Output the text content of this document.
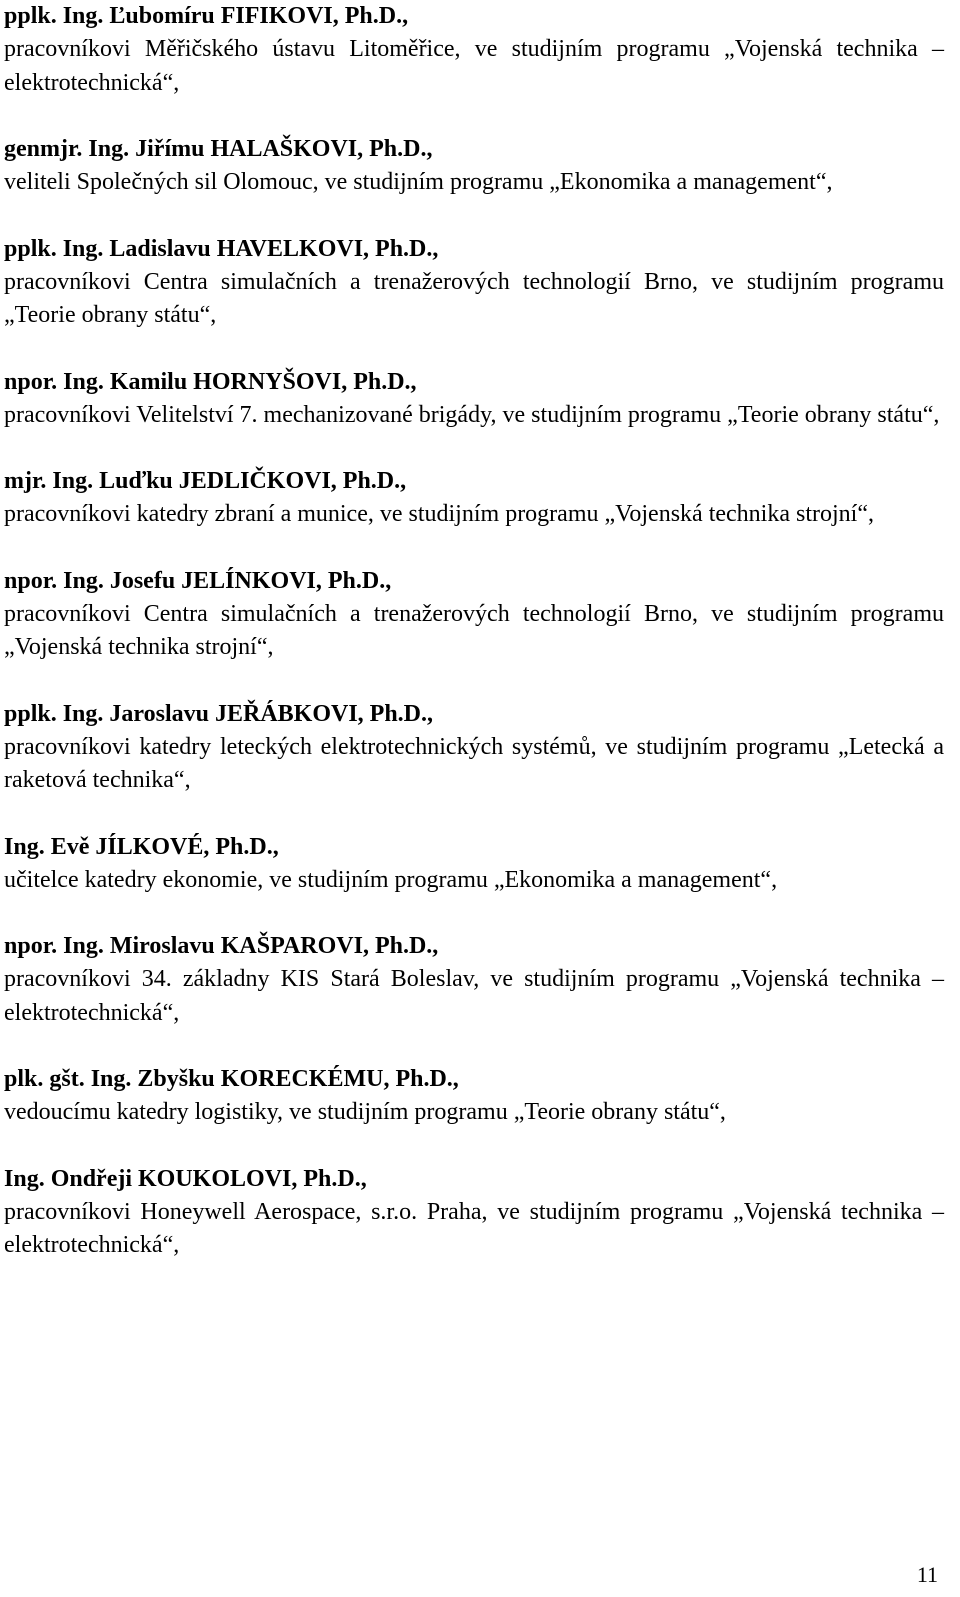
pplk. Ing. Ľubomíru FIFIKOVI, Ph.D.,

pracovníkovi Měřičského ústavu Litoměřice, ve studijním programu „Vojenská technika – elektrotechnická“,

genmjr. Ing. Jiřímu HALAŠKOVI, Ph.D.,

veliteli Společných sil Olomouc, ve studijním programu „Ekonomika a management“,

pplk. Ing. Ladislavu HAVELKOVI, Ph.D.,

pracovníkovi Centra simulačních a trenažerových technologií Brno, ve studijním programu „Teorie obrany státu“,

npor. Ing. Kamilu HORNYŠOVI, Ph.D.,

pracovníkovi Velitelství 7. mechanizované brigády, ve studijním programu „Teorie obrany státu“,

mjr. Ing. Luďku JEDLIČKOVI, Ph.D.,

pracovníkovi katedry zbraní a munice, ve studijním programu „Vojenská technika strojní“,

npor. Ing. Josefu JELÍNKOVI, Ph.D.,

pracovníkovi Centra simulačních a trenažerových technologií Brno, ve studijním programu „Vojenská technika strojní“,

pplk. Ing. Jaroslavu JEŘÁBKOVI, Ph.D.,

pracovníkovi katedry leteckých elektrotechnických systémů, ve studijním programu „Letecká a raketová technika“,

Ing. Evě JÍLKOVÉ, Ph.D.,

učitelce katedry ekonomie, ve studijním programu „Ekonomika a management“,

npor. Ing. Miroslavu KAŠPAROVI, Ph.D.,

pracovníkovi 34. základny KIS Stará Boleslav, ve studijním programu „Vojenská technika – elektrotechnická“,

plk. gšt. Ing. Zbyšku KORECKÉMU, Ph.D.,

vedoucímu katedry logistiky, ve studijním programu „Teorie obrany státu“,

Ing. Ondřeji KOUKOLOVI, Ph.D.,

pracovníkovi Honeywell Aerospace, s.r.o. Praha, ve studijním programu „Vojenská technika – elektrotechnická“,

11
